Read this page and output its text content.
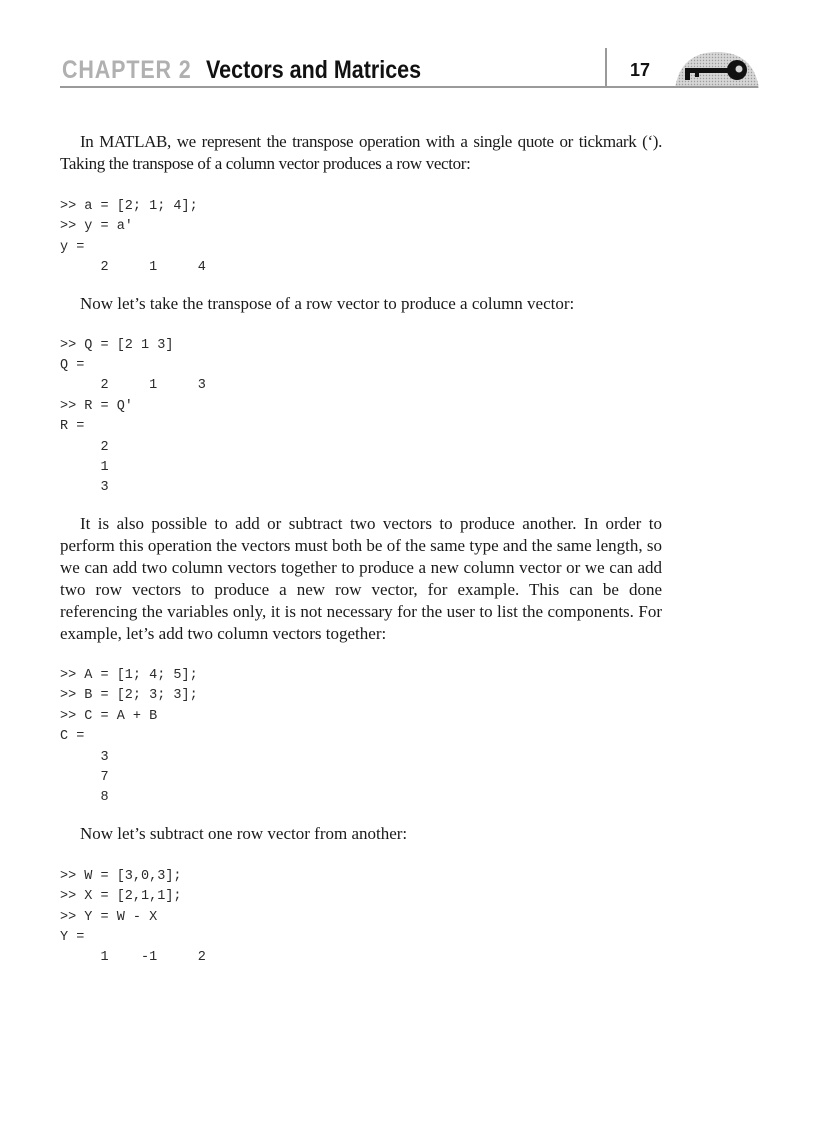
CHAPTER 2 Vectors and Matrices	17

In MATLAB, we represent the transpose operation with a single quote or tickmark (‘). Taking the transpose of a column vector produces a row vector:

>> a = [2; 1; 4];
>> y = a'
y =
2     1     4

Now let’s take the transpose of a row vector to produce a column vector:

>> Q = [2 1 3]
Q =
2     1     3
>> R = Q'
R =
2
1
3

It is also possible to add or subtract two vectors to produce another. In order to perform this operation the vectors must both be of the same type and the same length, so we can add two column vectors together to produce a new column vector or we can add two row vectors to produce a new row vector, for example. This can be done referencing the variables only, it is not necessary for the user to list the components. For example, let’s add two column vectors together:

>> A = [1; 4; 5];
>> B = [2; 3; 3];
>> C = A + B
C =
3
7
8

Now let’s subtract one row vector from another:

>> W = [3,0,3];
>> X = [2,1,1];
>> Y = W - X
Y =
1    -1     2
